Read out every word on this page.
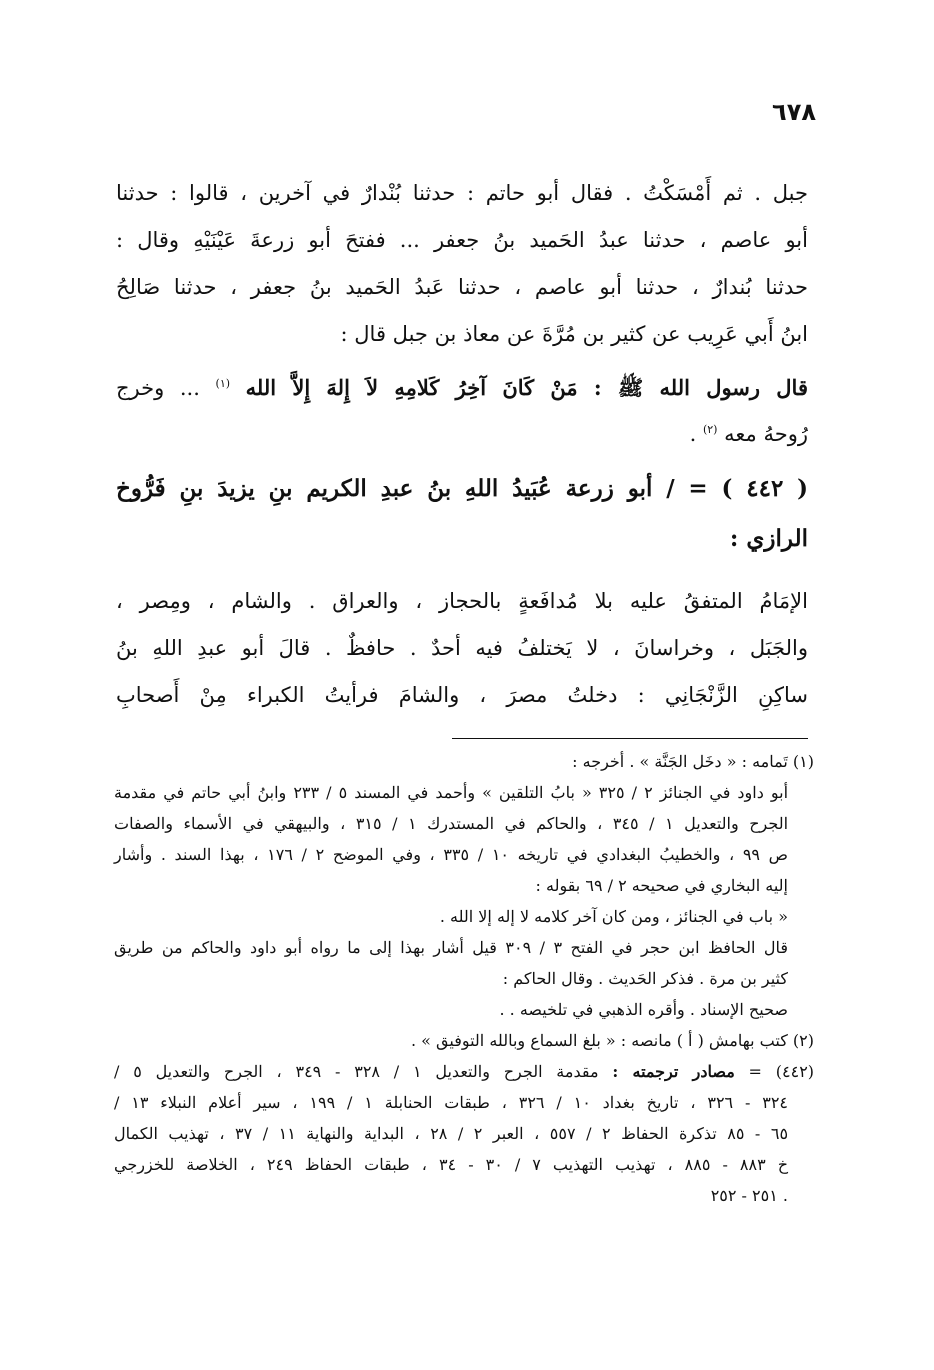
٦٧٨
جبل . ثم أَمْسَكْتُ . فقال أبو حاتم : حدثنا بُنْدارٌ في آخرين ، قالوا : حدثنا
أبو عاصم ، حدثنا عبدُ الحَميد بنُ جعفر ... ففتحَ أبو زرعةَ عَيْنَيْهِ وقال :
حدثنا بُندارٌ ، حدثنا أبو عاصم ، حدثنا عَبدُ الحَميد بنُ جعفر ، حدثنا صَالِحُ
ابنُ أَبي عَرِيب عن كثير بن مُرَّةَ عن معاذ بن جبل قال :
قال رسول الله ﷺ : مَنْ كَانَ آخِرُ كَلامِهِ لاَ إِلهَ إِلاَّ الله $^{(١)}$ ... وخرج
رُوحهُ معه $^{(٢)}$ .
( ٤٤٢ ) = / أبو زرعة عُبَيدُ اللهِ بنُ عبدِ الكريم بنِ يزيدَ بنِ فَرُّوخ
الرازي :
الإمَامُ المتفقُ عليه بلا مُدافَعةٍ بالحجاز ، والعراق . والشام ، ومِصر ،
والجَبَل ، وخراسانَ ، لا يَختلفُ فيه أحدٌ . حافظٌ . قالَ أبو عبدِ اللهِ بنُ
ساكِنِ الزَّنْجَانِي : دخلتُ مصرَ ، والشامَ فرأيتُ الكبراء مِنْ أَصحابِ
(١) تَمامه : « دخَل الجَنَّة » . أخرجه :
أبو داود في الجنائز ٢ / ٣٢٥ « بابُ التلقين » وأحمد في المسند ٥ / ٢٣٣ وابنُ أبي حاتم في مقدمة
الجرح والتعديل ١ / ٣٤٥ ، والحاكم في المستدرك ١ / ٣١٥ ، والبيهقي في الأسماء والصفات
ص ٩٩ ، والخطيبُ البغدادي في تاريخه ١٠ / ٣٣٥ ، وفي الموضح ٢ / ١٧٦ ، بهذا السند . وأشار
إليه البخاري في صحيحه ٢ / ٦٩ بقوله :
« باب في الجنائز ، ومن كان آخر كلامه لا إله إلا الله .
قال الحافظ ابن حجر في الفتح ٣ / ٣٠٩ قيل أشار بهذا إلى ما رواه أبو داود والحاكم من طريق
كثير بن مرة . فذكر الحَديث . وقال الحاكم :
صحيح الإسناد . وأقره الذهبي في تلخيصه . .
(٢) كتب بهامش ( أ ) مانصه : « بلغ السماع وبالله التوفيق » .
(٤٤٢) = مصادر ترجمته : مقدمة الجرح والتعديل ١ / ٣٢٨ - ٣٤٩ ، الجرح والتعديل ٥ /
٣٢٤ - ٣٢٦ ، تاريخ بغداد ١٠ / ٣٢٦ ، طبقات الحنابلة ١ / ١٩٩ ، سير أعلام النبلاء ١٣ /
٦٥ - ٨٥ تذكرة الحفاظ ٢ / ٥٥٧ ، العبر ٢ / ٢٨ ، البداية والنهاية ١١ / ٣٧ ، تهذيب الكمال
خ ٨٨٣ - ٨٨٥ ، تهذيب التهذيب ٧ / ٣٠ - ٣٤ ، طبقات الحفاظ ٢٤٩ ، الخلاصة للخزرجي
. ٢٥١ - ٢٥٢
